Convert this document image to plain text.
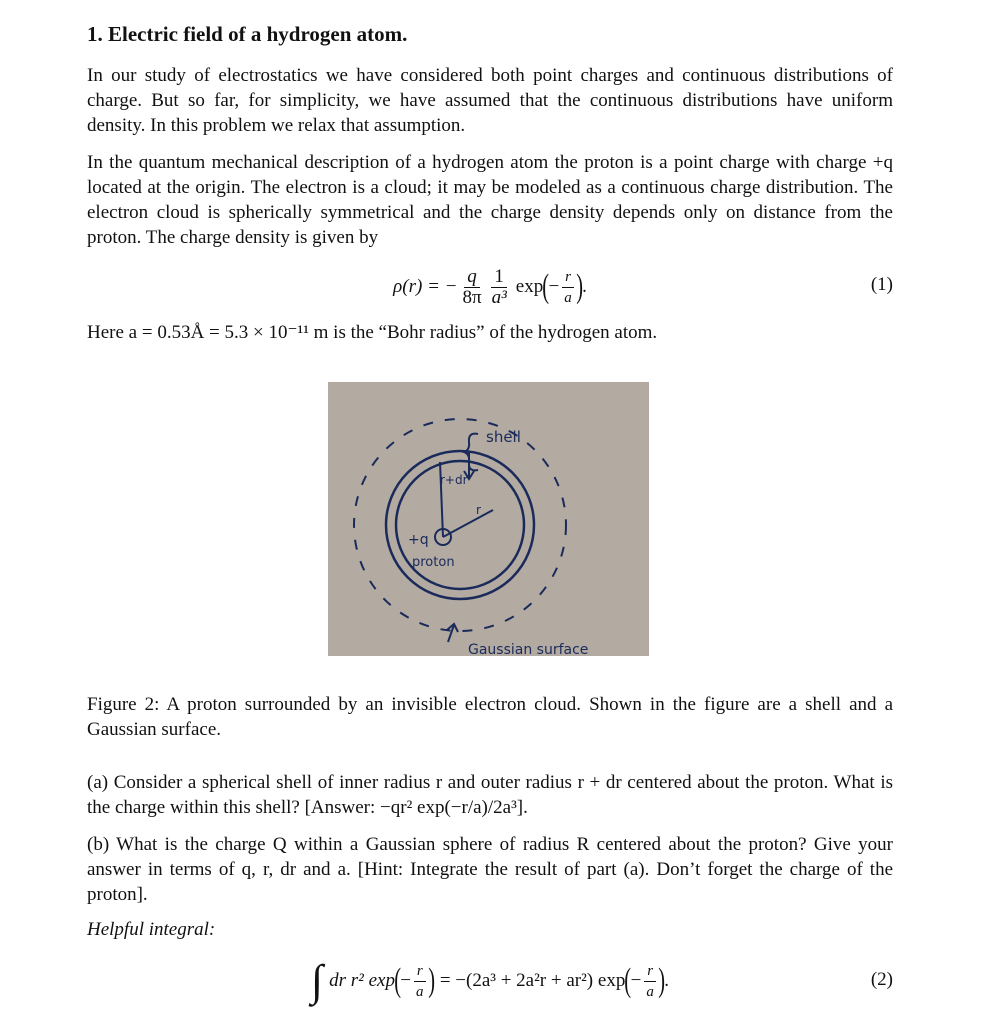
1. Electric field of a hydrogen atom.
In our study of electrostatics we have considered both point charges and continuous distributions of charge. But so far, for simplicity, we have assumed that the continuous distributions have uniform density. In this problem we relax that assumption.
In the quantum mechanical description of a hydrogen atom the proton is a point charge with charge +q located at the origin. The electron is a cloud; it may be modeled as a continuous charge distribution. The electron cloud is spherically symmetrical and the charge density depends only on distance from the proton. The charge density is given by
ρ(r) = − $\frac{q}{8\pi} \frac{1}{\text{a³}}$ exp ( − $\frac{r}{a}$ ) .	(1)
Here a = 0.53Å = 5.3 × 10⁻¹¹ m is the “Bohr radius” of the hydrogen atom.
shell
r+dr
r
+q
proton
Gaussian surface
Figure 2: A proton surrounded by an invisible electron cloud. Shown in the figure are a shell and a Gaussian surface.
(a) Consider a spherical shell of inner radius r and outer radius r + dr centered about the proton. What is the charge within this shell? [Answer: −qr² exp(−r/a)/2a³].
(b) What is the charge Q within a Gaussian sphere of radius R centered about the proton? Give your answer in terms of q, r, dr and a. [Hint: Integrate the result of part (a). Don’t forget the charge of the proton].
Helpful integral:
∫ dr r² exp ( − $\frac{r}{a}$ ) = −(2a³ + 2a²r + ar²) exp ( − $\frac{r}{a}$ ) .	(2)
